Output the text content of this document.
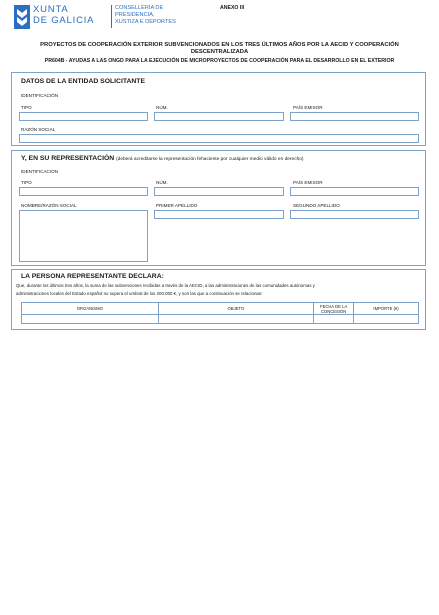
XUNTA
DE GALICIA
CONSELLERÍA DE
PRESIDENCIA,
XUSTIZA E DEPORTES
ANEXO III
PROYECTOS DE COOPERACIÓN EXTERIOR SUBVENCIONADOS EN LOS TRES ÚLTIMOS AÑOS POR LA AECID Y COOPERACIÓN
DESCENTRALIZADA
PR604B - AYUDAS A LAS ONGD PARA LA EJECUCIÓN DE MICROPROYECTOS DE COOPERACIÓN PARA EL DESARROLLO EN EL EXTERIOR
DATOS DE LA ENTIDAD SOLICITANTE
IDENTIFICACIÓN
TIPO	NÚM.	PAÍS EMISOR
RAZÓN SOCIAL
Y, EN SU REPRESENTACIÓN (deberá acreditarse la representación fehaciente por cualquier medio válido en derecho)
IDENTIFICACIÓN
TIPO	NÚM.	PAÍS EMISOR
NOMBRE/RAZÓN SOCIAL	PRIMER APELLIDO	SEGUNDO APELLIDO
LA PERSONA REPRESENTANTE DECLARA:
Que, durante los últimos tres años, la suma de las subvenciones recibidas a través de la AECID, a las administraciones de las comunidades autónomas y
administraciones locales del Estado español no supera el umbral de los 200.000 €, y son las que a continuación se relacionan:
ORGANISMO	OBJETO	FECHA DE LA CONCESIÓN	IMPORTE (€)
